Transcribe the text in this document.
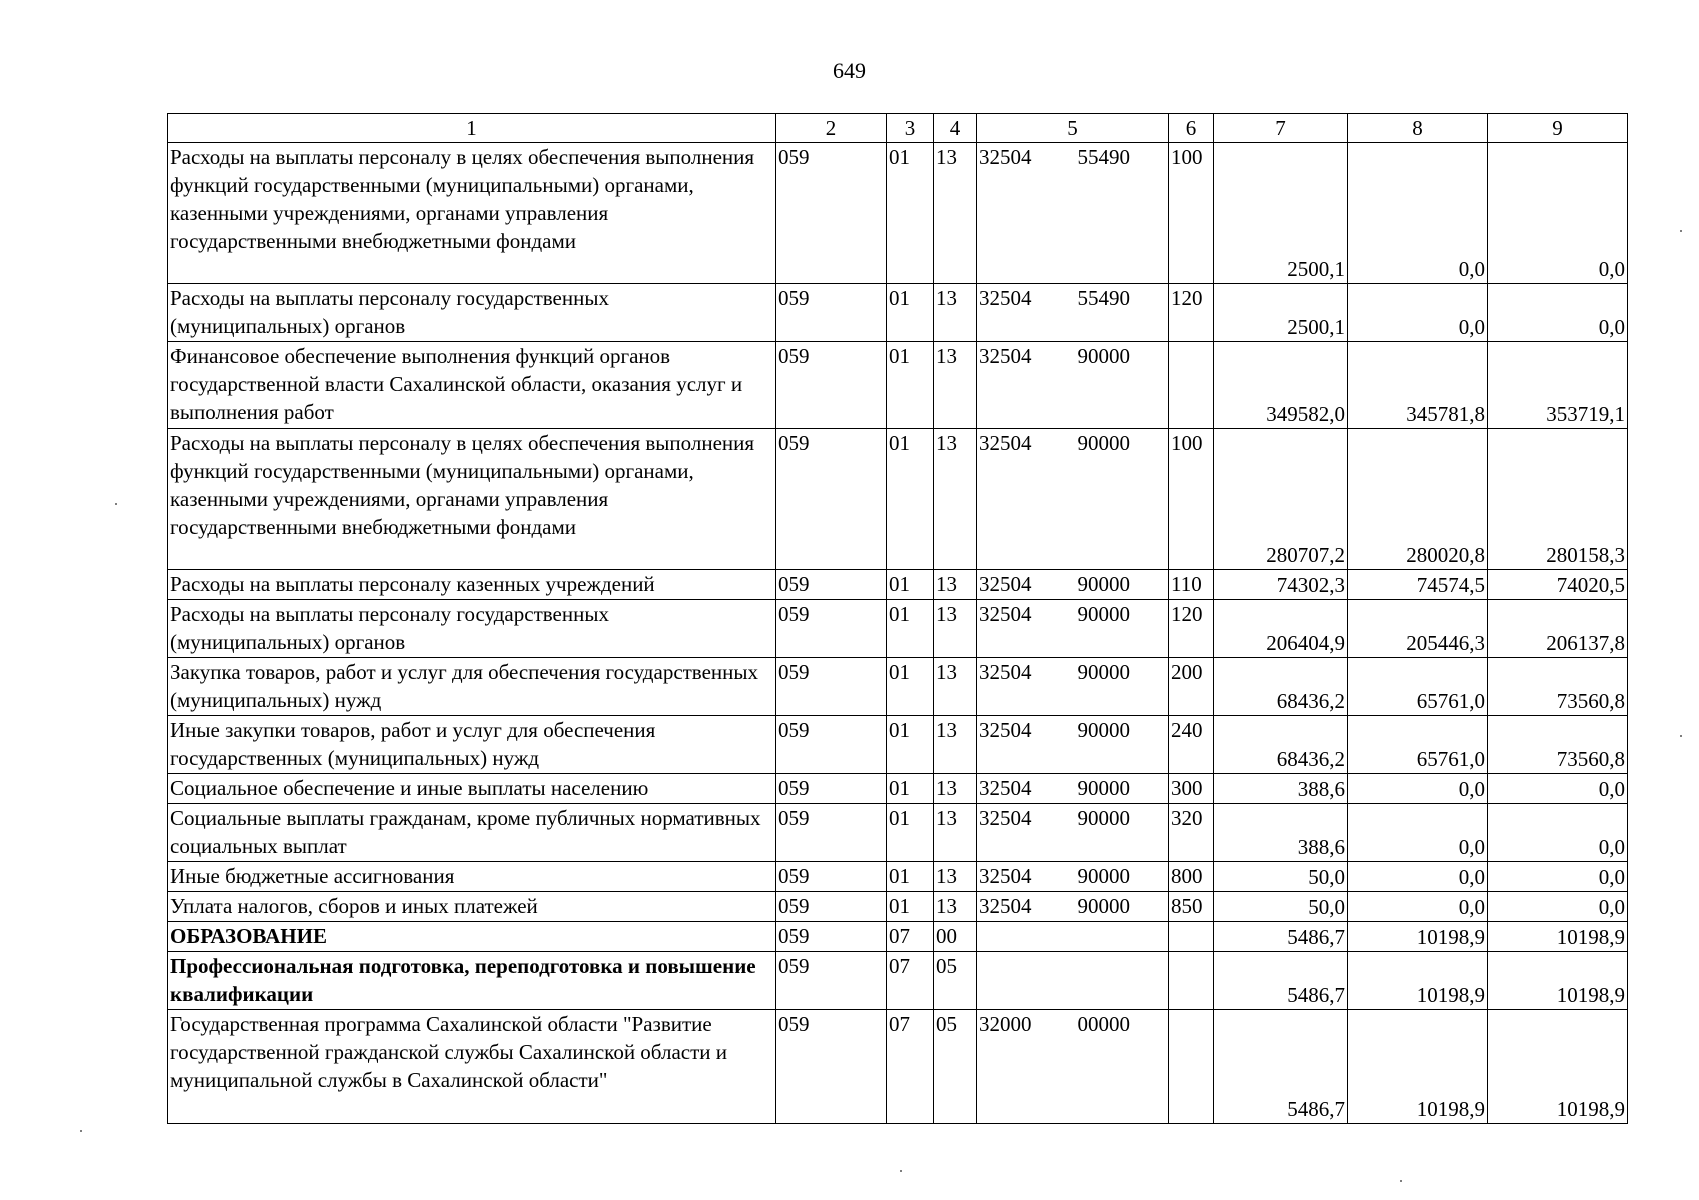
649
1	2	3	4	5	6	7	8	9
Расходы на выплаты персоналу в целях обеспечения выполнения функций государственными (муниципальными) органами, казенными учреждениями, органами управления государственными внебюджетными фондами	059	01	13	32504 55490	100	2500,1	0,0	0,0
Расходы на выплаты персоналу государственных (муниципальных) органов	059	01	13	32504 55490	120	2500,1	0,0	0,0
Финансовое обеспечение выполнения функций органов государственной власти Сахалинской области, оказания услуг и выполнения работ	059	01	13	32504 90000		349582,0	345781,8	353719,1
Расходы на выплаты персоналу в целях обеспечения выполнения функций государственными (муниципальными) органами, казенными учреждениями, органами управления государственными внебюджетными фондами	059	01	13	32504 90000	100	280707,2	280020,8	280158,3
Расходы на выплаты персоналу казенных учреждений	059	01	13	32504 90000	110	74302,3	74574,5	74020,5
Расходы на выплаты персоналу государственных (муниципальных) органов	059	01	13	32504 90000	120	206404,9	205446,3	206137,8
Закупка товаров, работ и услуг для обеспечения государственных (муниципальных) нужд	059	01	13	32504 90000	200	68436,2	65761,0	73560,8
Иные закупки товаров, работ и услуг для обеспечения государственных (муниципальных) нужд	059	01	13	32504 90000	240	68436,2	65761,0	73560,8
Социальное обеспечение и иные выплаты населению	059	01	13	32504 90000	300	388,6	0,0	0,0
Социальные выплаты гражданам, кроме публичных нормативных социальных выплат	059	01	13	32504 90000	320	388,6	0,0	0,0
Иные бюджетные ассигнования	059	01	13	32504 90000	800	50,0	0,0	0,0
Уплата налогов, сборов и иных платежей	059	01	13	32504 90000	850	50,0	0,0	0,0
ОБРАЗОВАНИЕ	059	07	00			5486,7	10198,9	10198,9
Профессиональная подготовка, переподготовка и повышение квалификации	059	07	05			5486,7	10198,9	10198,9
Государственная программа Сахалинской области "Развитие государственной гражданской службы Сахалинской области и муниципальной службы в Сахалинской области"	059	07	05	32000 00000		5486,7	10198,9	10198,9
